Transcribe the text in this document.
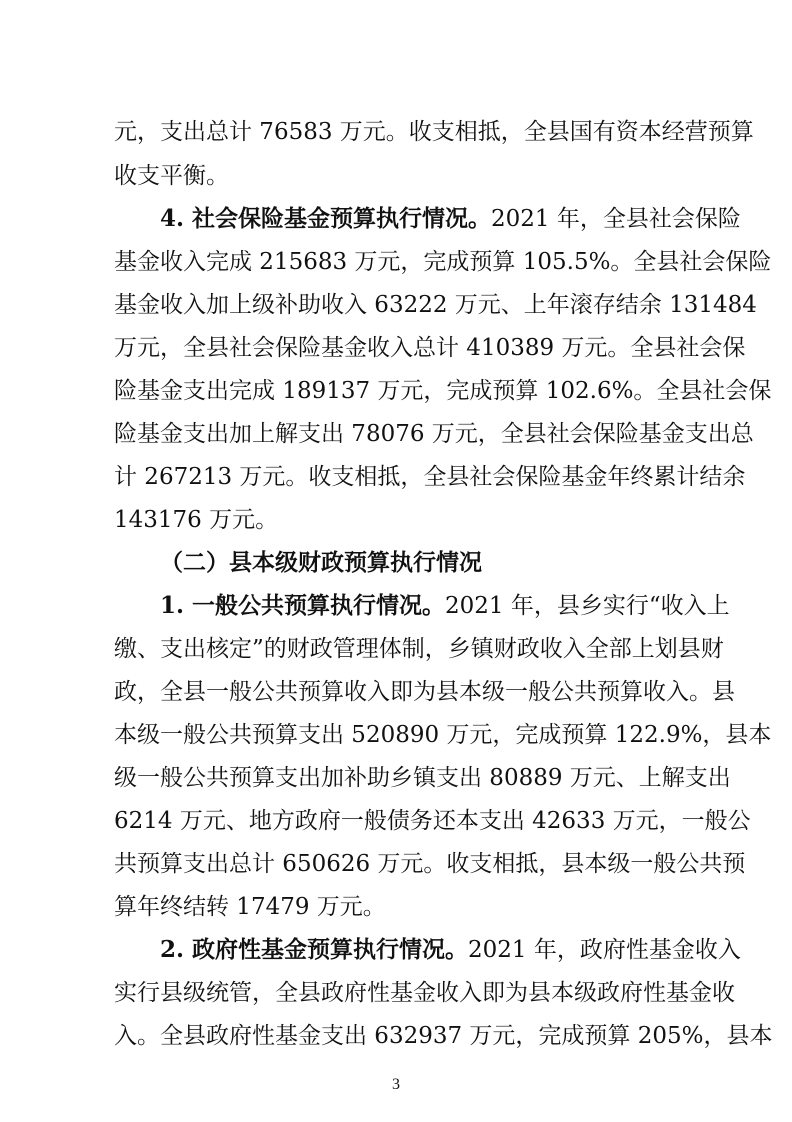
元，支出总计 76583 万元。收支相抵，全县国有资本经营预算
收支平衡。
4. 社会保险基金预算执行情况。2021 年，全县社会保险
基金收入完成 215683 万元，完成预算 105.5%。全县社会保险
基金收入加上级补助收入 63222 万元、上年滚存结余 131484
万元，全县社会保险基金收入总计 410389 万元。全县社会保
险基金支出完成 189137 万元，完成预算 102.6%。全县社会保
险基金支出加上解支出 78076 万元，全县社会保险基金支出总
计 267213 万元。收支相抵，全县社会保险基金年终累计结余
143176 万元。
（二）县本级财政预算执行情况
1. 一般公共预算执行情况。2021 年，县乡实行“收入上
缴、支出核定”的财政管理体制，乡镇财政收入全部上划县财
政，全县一般公共预算收入即为县本级一般公共预算收入。县
本级一般公共预算支出 520890 万元，完成预算 122.9%，县本
级一般公共预算支出加补助乡镇支出 80889 万元、上解支出
6214 万元、地方政府一般债务还本支出 42633 万元，一般公
共预算支出总计 650626 万元。收支相抵，县本级一般公共预
算年终结转 17479 万元。
2. 政府性基金预算执行情况。2021 年，政府性基金收入
实行县级统管，全县政府性基金收入即为县本级政府性基金收
入。全县政府性基金支出 632937 万元，完成预算 205%，县本
3
